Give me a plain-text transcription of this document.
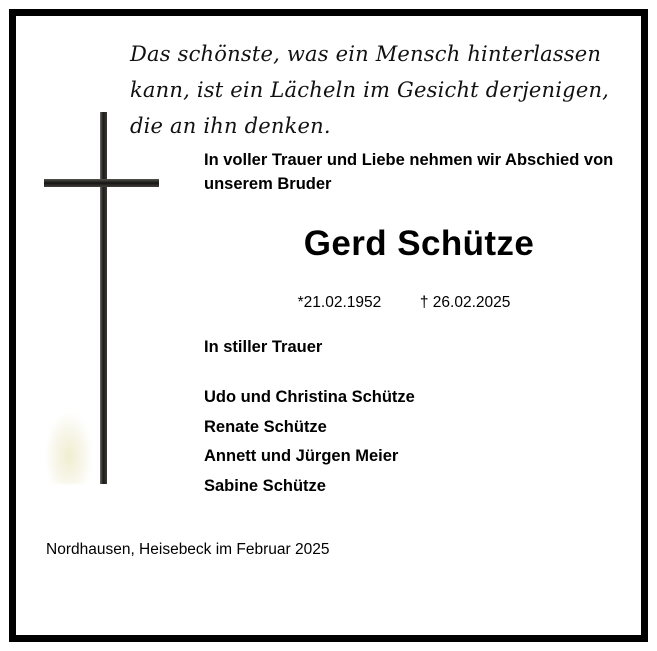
Das schönste, was ein Mensch hinterlassen
kann, ist ein Lächeln im Gesicht derjenigen,
die an ihn denken.
In voller Trauer und Liebe nehmen wir Abschied von
unserem Bruder
Gerd Schütze
*21.02.1952 † 26.02.2025
In stiller Trauer
Udo und Christina Schütze
Renate Schütze
Annett und Jürgen Meier
Sabine Schütze
Nordhausen, Heisebeck im Februar 2025
